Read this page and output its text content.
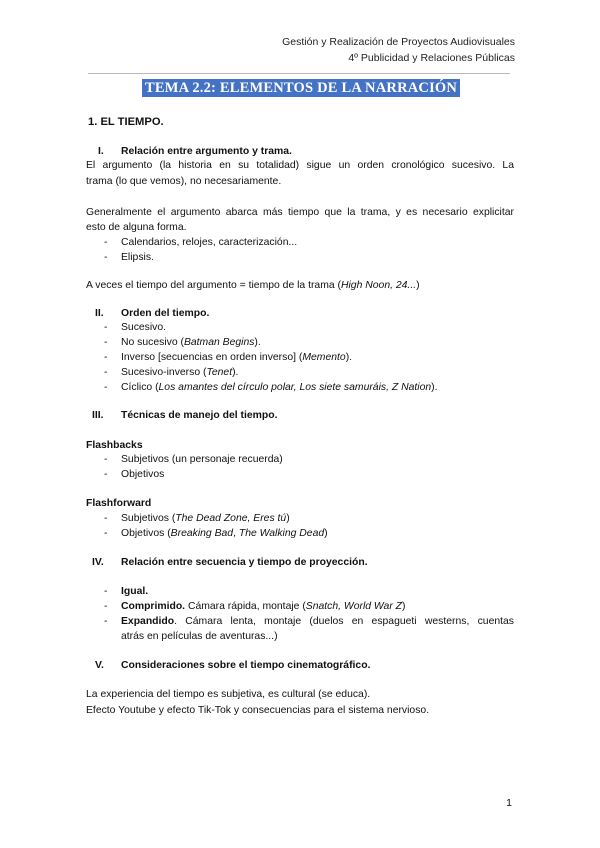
Gestión y Realización de Proyectos Audiovisuales
4º Publicidad y Relaciones Públicas
TEMA 2.2: ELEMENTOS DE LA NARRACIÓN
1. EL TIEMPO.
I. Relación entre argumento y trama.
El argumento (la historia en su totalidad) sigue un orden cronológico sucesivo. La
trama (lo que vemos), no necesariamente.
Generalmente el argumento abarca más tiempo que la trama, y es necesario explicitar
esto de alguna forma.
- Calendarios, relojes, caracterización...
- Elipsis.
A veces el tiempo del argumento = tiempo de la trama (High Noon, 24...)
II. Orden del tiempo.
- Sucesivo.
- No sucesivo (Batman Begins).
- Inverso [secuencias en orden inverso] (Memento).
- Sucesivo-inverso (Tenet).
- Cíclico (Los amantes del círculo polar, Los siete samuráis, Z Nation).
III. Técnicas de manejo del tiempo.
Flashbacks
- Subjetivos (un personaje recuerda)
- Objetivos
Flashforward
- Subjetivos (The Dead Zone, Eres tú)
- Objetivos (Breaking Bad, The Walking Dead)
IV. Relación entre secuencia y tiempo de proyección.
- Igual.
- Comprimido. Cámara rápida, montaje (Snatch, World War Z)
- Expandido. Cámara lenta, montaje (duelos en espagueti westerns, cuentas
atrás en películas de aventuras...)
V. Consideraciones sobre el tiempo cinematográfico.
La experiencia del tiempo es subjetiva, es cultural (se educa).
Efecto Youtube y efecto Tik-Tok y consecuencias para el sistema nervioso.
1
